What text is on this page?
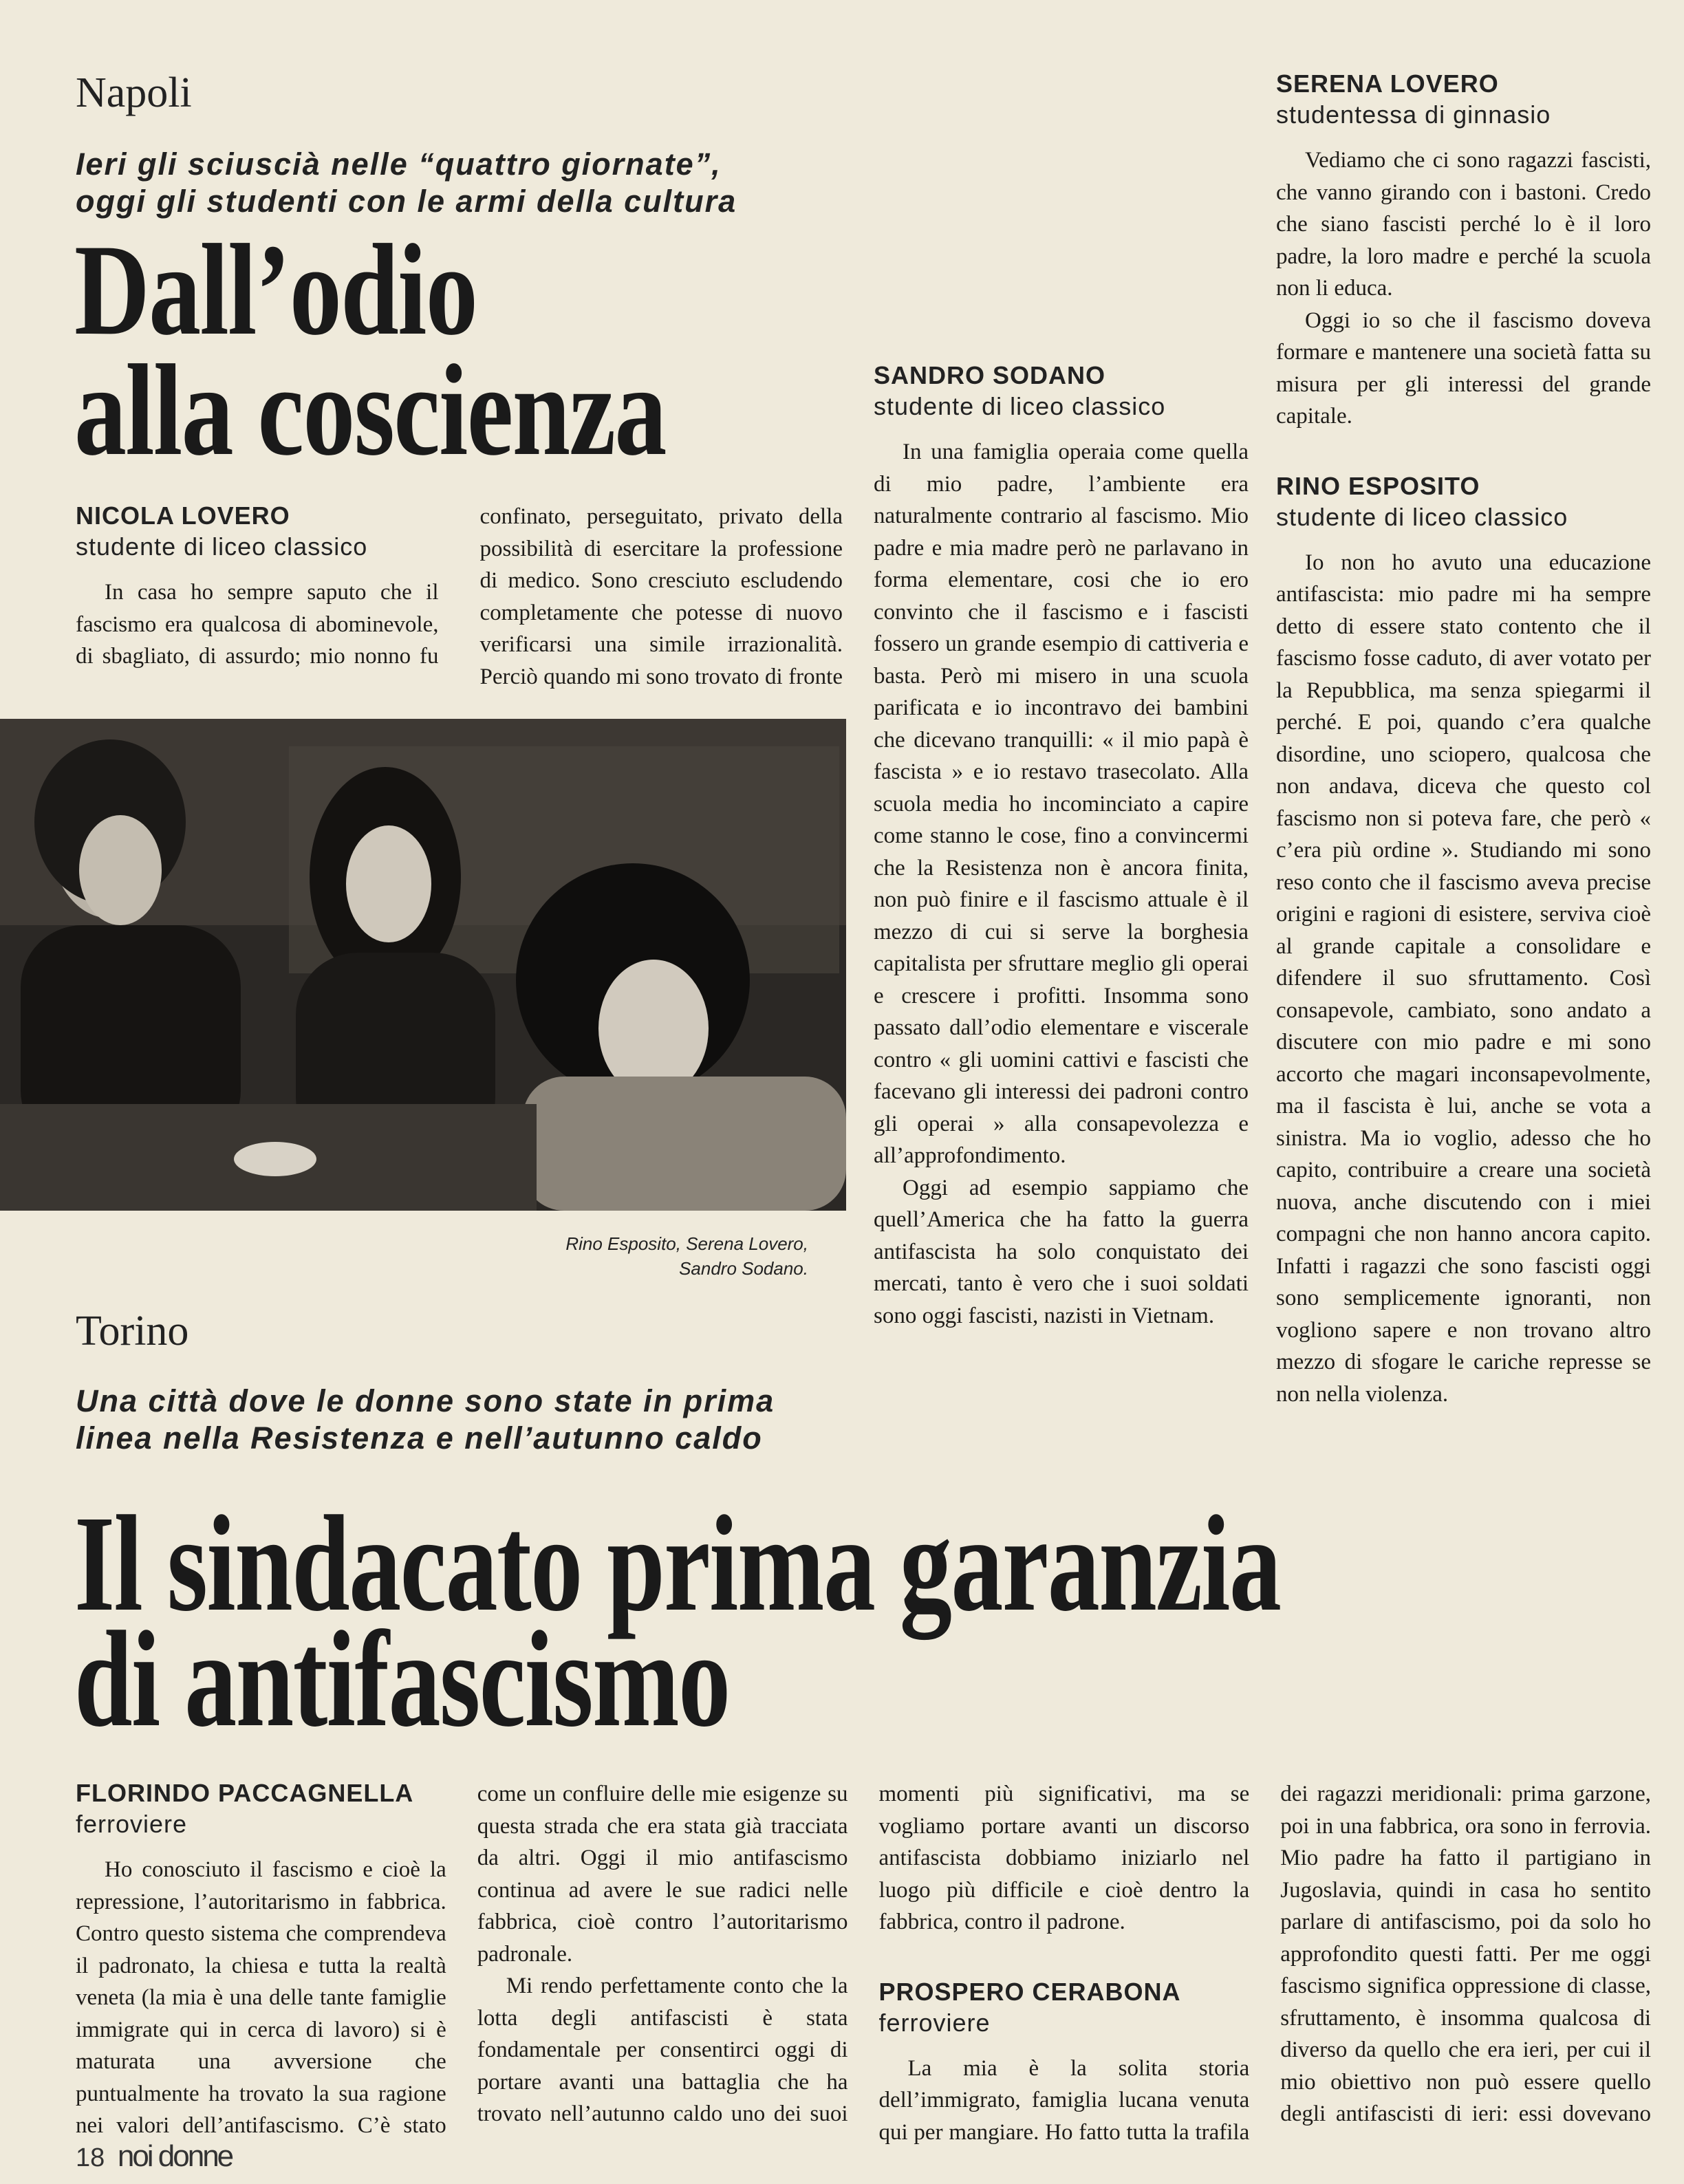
Napoli
Ieri gli sciuscià nelle “quattro giornate”,
oggi gli studenti con le armi della cultura
Dall’odio
alla coscienza
NICOLA LOVERO
studente di liceo classico

In casa ho sempre saputo che il fascismo era qualcosa di abominevole, di sbagliato, di assurdo; mio nonno fu confinato, perseguitato, privato della possibilità di esercitare la professione di medico. Sono cresciuto escludendo completamente che potesse di nuovo verificarsi una simile irrazionalità. Perciò quando mi sono trovato di fronte

Rino Esposito, Serena Lovero,
Sandro Sodano.
SANDRO SODANO
studente di liceo classico

In una famiglia operaia come quella di mio padre, l’ambiente era naturalmente contrario al fascismo. Mio padre e mia madre però ne parlavano in forma elementare, cosi che io ero convinto che il fascismo e i fascisti fossero un grande esempio di cattiveria e basta. Però mi misero in una scuola parificata e io incontravo dei bambini che dicevano tranquilli: « il mio papà è fascista » e io restavo trasecolato. Alla scuola media ho incominciato a capire come stanno le cose, fino a convincermi che la Resistenza non è ancora finita, non può finire e il fascismo attuale è il mezzo di cui si serve la borghesia capitalista per sfruttare meglio gli operai e crescere i profitti. Insomma sono passato dall’odio elementare e viscerale contro « gli uomini cattivi e fascisti che facevano gli interessi dei padroni contro gli operai » alla consapevolezza e all’approfondimento.

Oggi ad esempio sappiamo che quell’America che ha fatto la guerra antifascista ha solo conquistato dei mercati, tanto è vero che i suoi soldati sono oggi fascisti, nazisti in Vietnam.

SERENA LOVERO
studentessa di ginnasio

Vediamo che ci sono ragazzi fascisti, che vanno girando con i bastoni. Credo che siano fascisti perché lo è il loro padre, la loro madre e perché la scuola non li educa.

Oggi io so che il fascismo doveva formare e mantenere una società fatta su misura per gli interessi del grande capitale.

RINO ESPOSITO
studente di liceo classico

Io non ho avuto una educazione antifascista: mio padre mi ha sempre detto di essere stato contento che il fascismo fosse caduto, di aver votato per la Repubblica, ma senza spiegarmi il perché. E poi, quando c’era qualche disordine, uno sciopero, qualcosa che non andava, diceva che questo col fascismo non si poteva fare, che però « c’era più ordine ». Studiando mi sono reso conto che il fascismo aveva precise origini e ragioni di esistere, serviva cioè al grande capitale a consolidare e difendere il suo sfruttamento. Così consapevole, cambiato, sono andato a discutere con mio padre e mi sono accorto che magari inconsapevolmente, ma il fascista è lui, anche se vota a sinistra. Ma io voglio, adesso che ho capito, contribuire a creare una società nuova, anche discutendo con i miei compagni che non hanno ancora capito. Infatti i ragazzi che sono fascisti oggi sono semplicemente ignoranti, non vogliono sapere e non trovano altro mezzo di sfogare le cariche represse se non nella violenza.

Torino
Una città dove le donne sono state in prima
linea nella Resistenza e nell’autunno caldo
Il sindacato prima garanzia
di antifascismo
FLORINDO PACCAGNELLA
ferroviere

Ho conosciuto il fascismo e cioè la repressione, l’autoritarismo in fabbrica. Contro questo sistema che comprendeva il padronato, la chiesa e tutta la realtà veneta (la mia è una delle tante famiglie immigrate qui in cerca di lavoro) si è maturata una avversione che puntualmente ha trovato la sua ragione nei valori dell’antifascismo. C’è stato come un confluire delle mie esigenze su questa strada che era stata già tracciata da altri. Oggi il mio antifascismo continua ad avere le sue radici nelle fabbrica, cioè contro l’autoritarismo padronale.

Mi rendo perfettamente conto che la lotta degli antifascisti è stata fondamentale per consentirci oggi di portare avanti una battaglia che ha trovato nell’autunno caldo uno dei suoi momenti più significativi, ma se vogliamo portare avanti un discorso antifascista dobbiamo iniziarlo nel luogo più difficile e cioè dentro la fabbrica, contro il padrone.

PROSPERO CERABONA
ferroviere

La mia è la solita storia dell’immigrato, famiglia lucana venuta qui per mangiare. Ho fatto tutta la trafila dei ragazzi meridionali: prima garzone, poi in una fabbrica, ora sono in ferrovia. Mio padre ha fatto il partigiano in Jugoslavia, quindi in casa ho sentito parlare di antifascismo, poi da solo ho approfondito questi fatti. Per me oggi fascismo significa oppressione di classe, sfruttamento, è insomma qualcosa di diverso da quello che era ieri, per cui il mio obiettivo non può essere quello degli antifascisti di ieri: essi dovevano

18 noi donne
